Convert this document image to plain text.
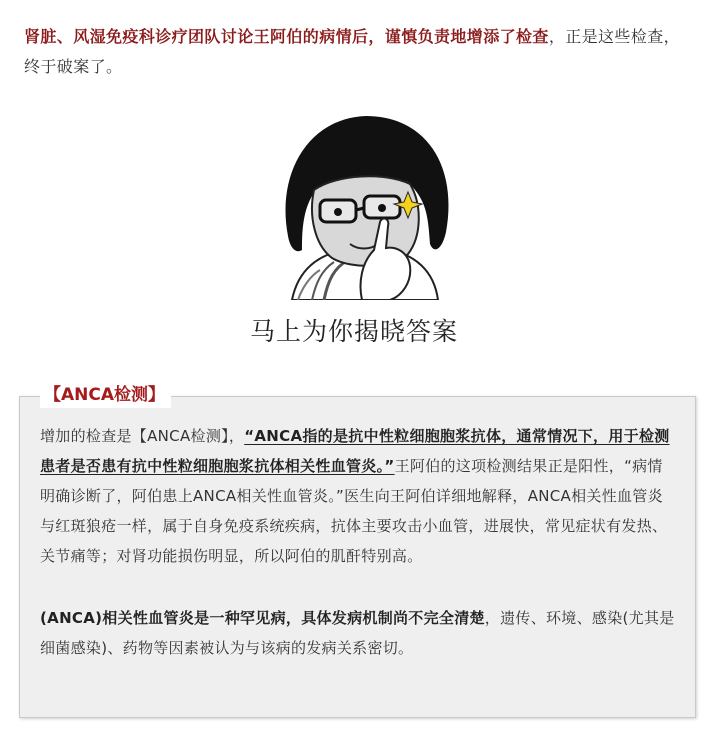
肾脏、风湿免疫科诊疗团队讨论王阿伯的病情后，谨慎负责地增添了检查，正是这些检查，终于破案了。

马上为你揭晓答案
【ANCA检测】

增加的检查是【ANCA检测】，“ANCA指的是抗中性粒细胞胞浆抗体，通常情况下，用于检测患者是否患有抗中性粒细胞胞浆抗体相关性血管炎。”王阿伯的这项检测结果正是阳性，“病情明确诊断了，阿伯患上ANCA相关性血管炎。”医生向王阿伯详细地解释，ANCA相关性血管炎与红斑狼疮一样，属于自身免疫系统疾病，抗体主要攻击小血管，进展快，常见症状有发热、关节痛等；对肾功能损伤明显，所以阿伯的肌酐特别高。

(ANCA)相关性血管炎是一种罕见病，具体发病机制尚不完全清楚，遗传、环境、感染(尤其是细菌感染)、药物等因素被认为与该病的发病关系密切。
